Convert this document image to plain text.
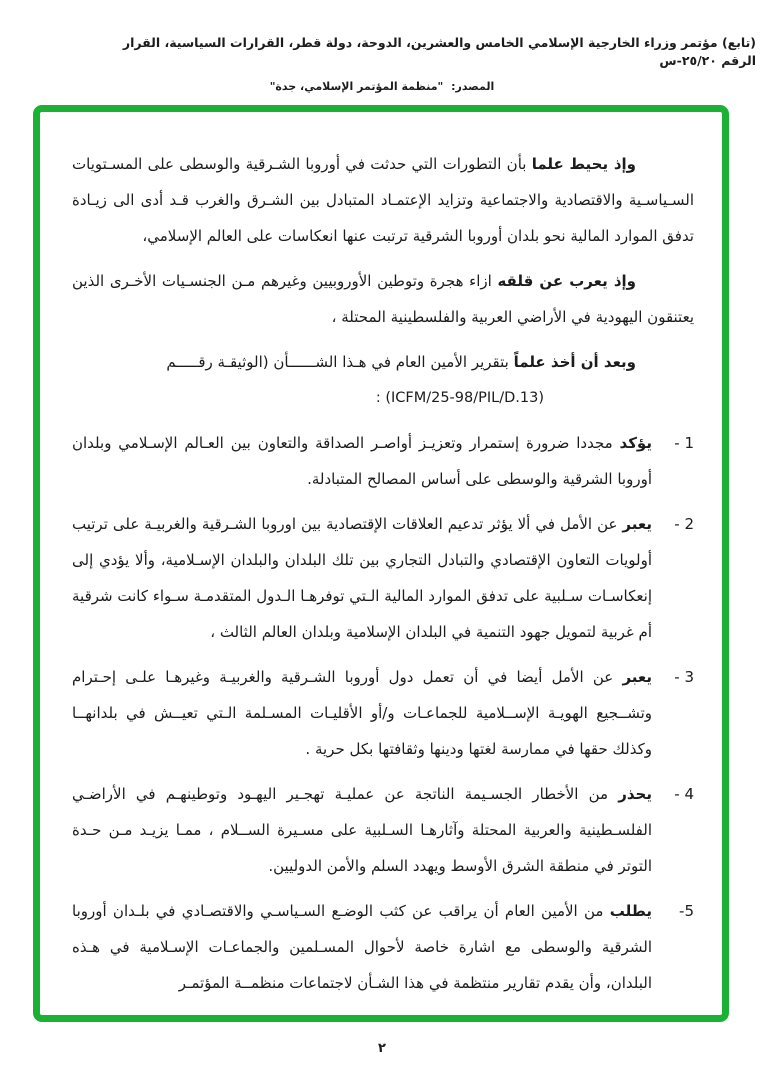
(تابع) مؤتمر وزراء الخارجية الإسلامي الخامس والعشرين، الدوحة، دولة قطر، القرارات السياسية، القرار الرقم ٢٥/٢٠-س
المصدر: "منظمة المؤتمر الإسلامي، جدة"

وإذ يحيط علما بأن التطورات التي حدثت في أوروبا الشـرقية والوسطى على المسـتويات السـياسـية والاقتصادية والاجتماعية وتزايد الإعتمـاد المتبادل بين الشـرق والغرب قـد أدى الى زيـادة تدفق الموارد المالية نحو بلدان أوروبا الشرقية ترتبت عنها انعكاسات على العالم الإسلامي،

وإذ يعرب عن قلقه ازاء هجرة وتوطين الأوروبيين وغيرهم مـن الجنسـيات الأخـرى الذين يعتنقون اليهودية في الأراضي العربية والفلسطينية المحتلة ،

وبعد أن أخذ علماً بتقرير الأمين العام في هـذا الشــــــأن (الوثيقـة رقـــــم

(ICFM/25-98/PIL/D.13) :

1 -

يؤكد مجددا ضرورة إستمرار وتعزيـز أواصـر الصداقة والتعاون بين العـالم الإسـلامي وبلدان أوروبا الشرقية والوسطى على أساس المصالح المتبادلة.

2 -

يعبر عن الأمل في ألا يؤثر تدعيم العلاقات الإقتصادية بين اوروبا الشـرقية والغربيـة على ترتيب أولويات التعاون الإقتصادي والتبادل التجاري بين تلك البلدان والبلدان الإسـلامية، وألا يؤدي إلى إنعكاسـات سـلبية على تدفق الموارد المالية الـتي توفرهـا الـدول المتقدمـة سـواء كانت شرقية أم غربية لتمويل جهود التنمية في البلدان الإسلامية وبلدان العالم الثالث ،

3 -

يعبر عن الأمل أيضا في أن تعمل دول أوروبا الشـرقية والغربيـة وغيرهـا علـى إحـترام وتشــجيع الهويـة الإســلامية للجماعـات و/أو الأقليـات المسـلمة الـتي تعيــش في بلدانهــا وكذلك حقها في ممارسة لغتها ودينها وثقافتها بكل حرية .

4 -

يحذر من الأخطار الجسـيمة الناتجة عن عمليـة تهجـير اليهـود وتوطينهـم في الأراضـي الفلسـطينية والعربية المحتلة وآثارهـا السـلبية على مسـيرة الســلام ، ممـا يزيـد مـن حـدة التوتر في منطقة الشرق الأوسط ويهدد السلم والأمن الدوليين.

5-

يطلب من الأمين العام أن يراقب عن كثب الوضـع السـياسـي والاقتصـادي في بلـدان أوروبا الشرقية والوسطى مع اشارة خاصة لأحوال المسـلمين والجماعـات الإسـلامية في هـذه البلدان، وأن يقدم تقارير منتظمة في هذا الشـأن لاجتماعات منظمــة المؤتمـر

٢
